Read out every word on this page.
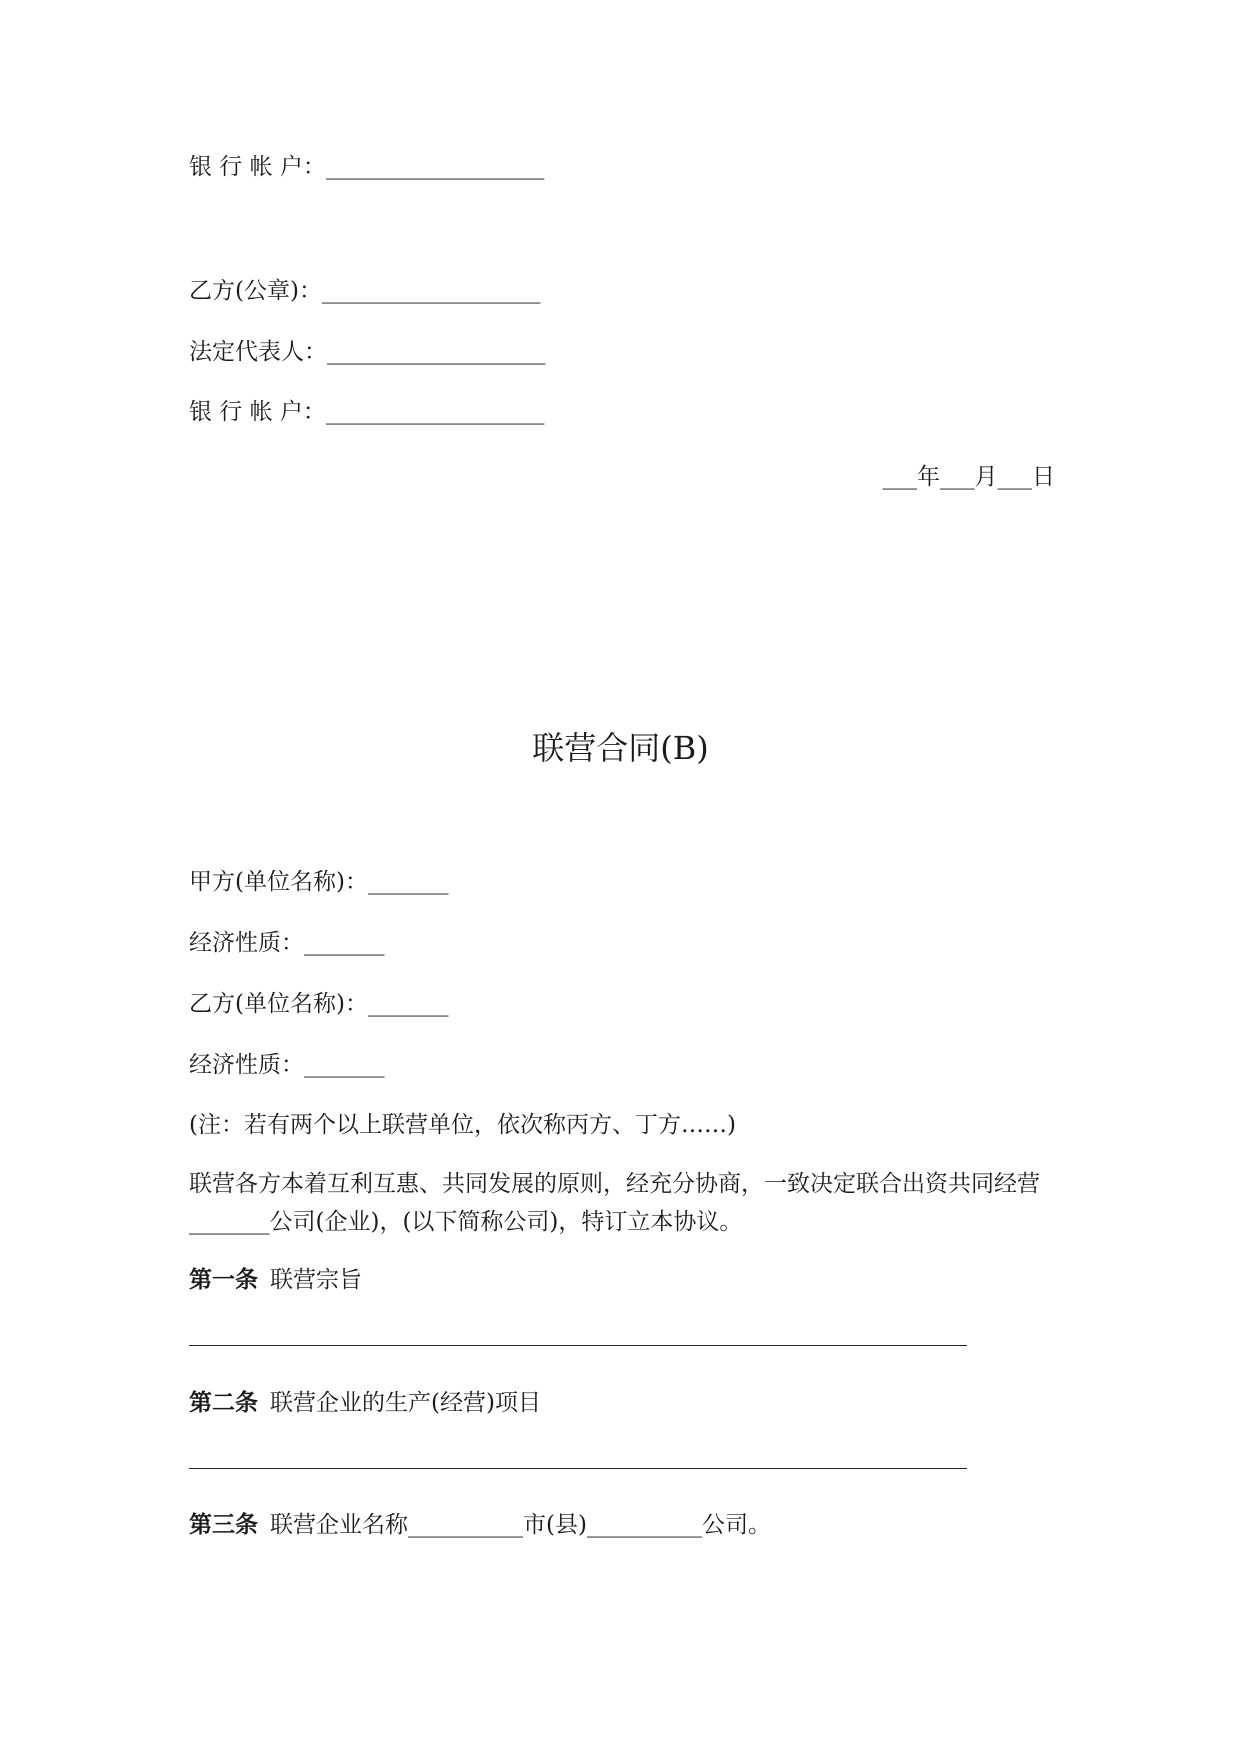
银 行 帐 户：___________________
乙方(公章)：___________________
法定代表人：___________________
银 行 帐 户：___________________
___年___月___日
联营合同(B)
甲方(单位名称)：_______
经济性质：_______
乙方(单位名称)：_______
经济性质：_______
(注：若有两个以上联营单位，依次称丙方、丁方……)
联营各方本着互利互惠、共同发展的原则，经充分协商，一致决定联合出资共同经营_______公司(企业)，(以下简称公司)，特订立本协议。
第一条 联营宗旨
第二条 联营企业的生产(经营)项目
第三条 联营企业名称__________市(县)__________公司。
